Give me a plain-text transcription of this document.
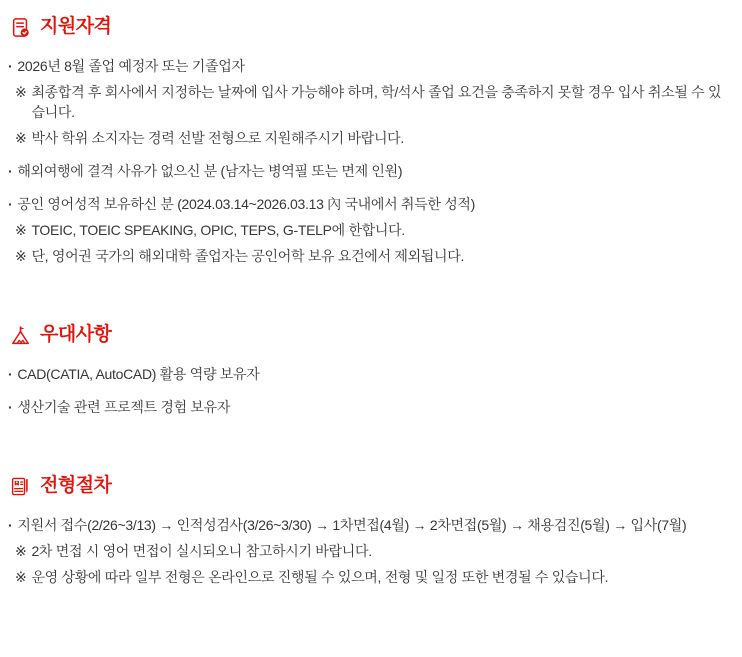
지원자격
· 2026년 8월 졸업 예정자 또는 기졸업자
※ 최종합격 후 회사에서 지정하는 날짜에 입사 가능해야 하며, 학/석사 졸업 요건을 충족하지 못할 경우 입사 취소될 수 있습니다.
※ 박사 학위 소지자는 경력 선발 전형으로 지원해주시기 바랍니다.
· 해외여행에 결격 사유가 없으신 분 (남자는 병역필 또는 면제 인원)
· 공인 영어성적 보유하신 분 (2024.03.14~2026.03.13 內 국내에서 취득한 성적)
※ TOEIC, TOEIC SPEAKING, OPIC, TEPS, G-TELP에 한합니다.
※ 단, 영어권 국가의 해외대학 졸업자는 공인어학 보유 요건에서 제외됩니다.
우대사항
· CAD(CATIA, AutoCAD) 활용 역량 보유자
· 생산기술 관련 프로젝트 경험 보유자
전형절차
· 지원서 접수(2/26~3/13) → 인적성검사(3/26~3/30) → 1차면접(4월) → 2차면접(5월) → 채용검진(5월) → 입사(7월)
※ 2차 면접 시 영어 면접이 실시되오니 참고하시기 바랍니다.
※ 운영 상황에 따라 일부 전형은 온라인으로 진행될 수 있으며, 전형 및 일정 또한 변경될 수 있습니다.
